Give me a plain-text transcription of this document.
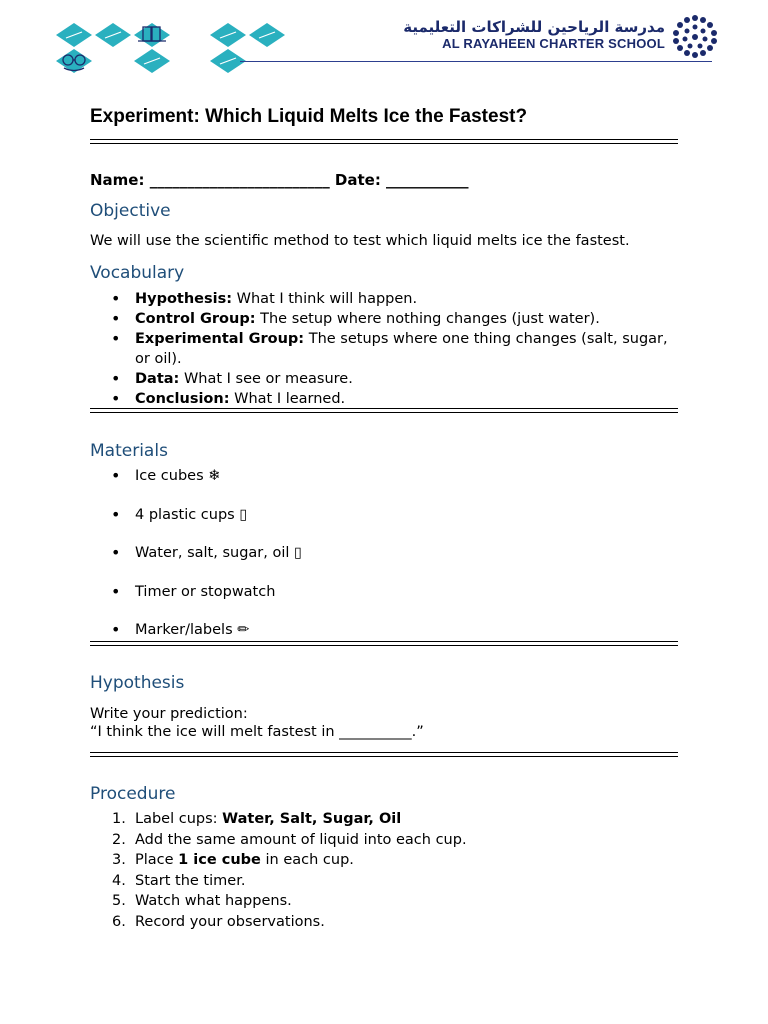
مدرسة الرياحين للشراكات التعليمية
AL RAYAHEEN CHARTER SCHOOL
Experiment: Which Liquid Melts Ice the Fastest?
Name: ________________________ Date: ___________
Objective
We will use the scientific method to test which liquid melts ice the fastest.
Vocabulary
• Hypothesis: What I think will happen.
• Control Group: The setup where nothing changes (just water).
• Experimental Group: The setups where one thing changes (salt, sugar, or oil).
• Data: What I see or measure.
• Conclusion: What I learned.
Materials
• Ice cubes ❄
• 4 plastic cups ▯
• Water, salt, sugar, oil ▯
• Timer or stopwatch
• Marker/labels ✏
Hypothesis
Write your prediction:
“I think the ice will melt fastest in __________.”
Procedure
1. Label cups: Water, Salt, Sugar, Oil
2. Add the same amount of liquid into each cup.
3. Place 1 ice cube in each cup.
4. Start the timer.
5. Watch what happens.
6. Record your observations.
